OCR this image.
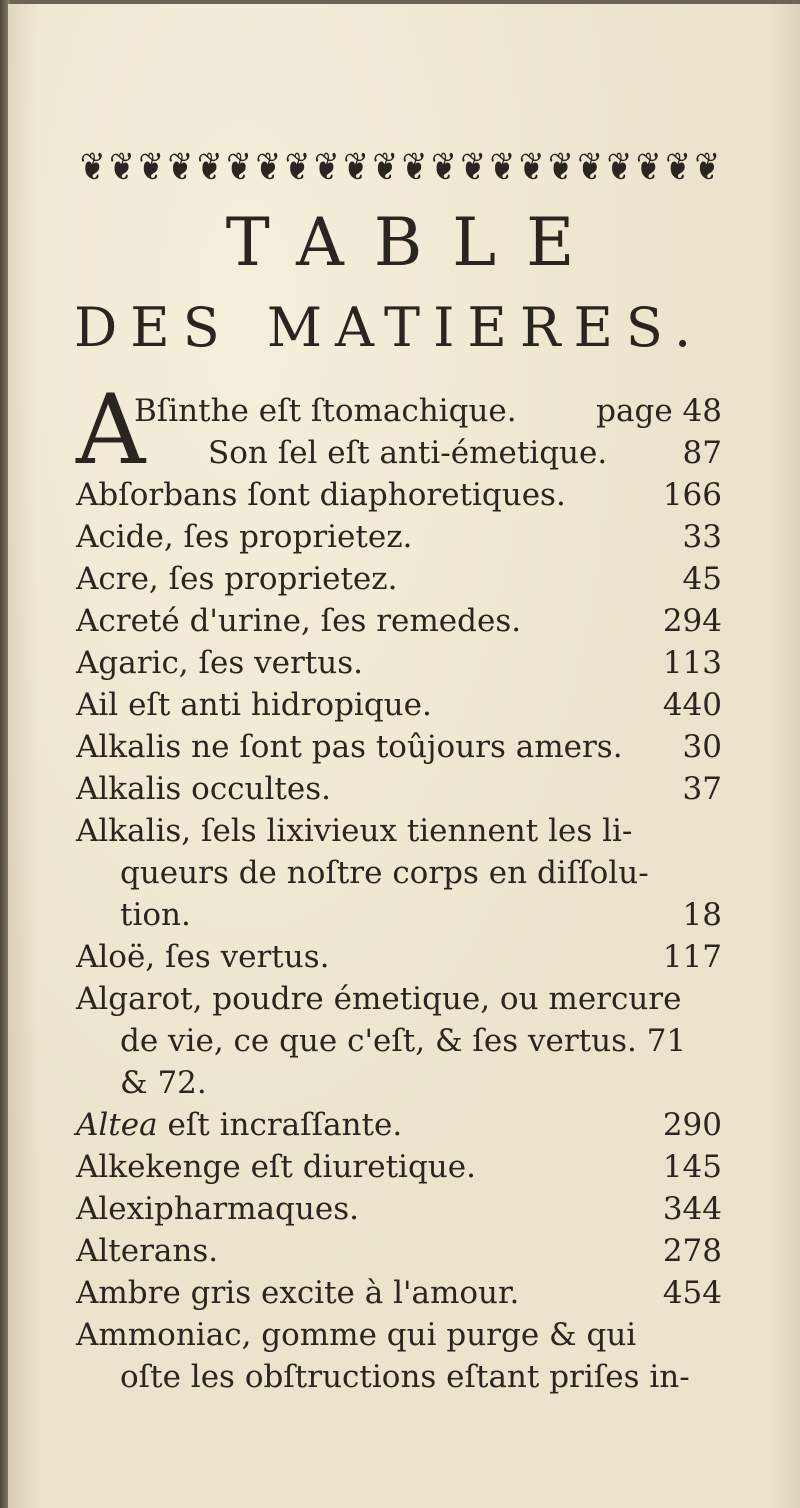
❦ ❦ ❦ ❦ ❦ ❦ ❦ ❦ ❦ ❦ ❦ ❦ ❦ ❦ ❦ ❦ ❦ ❦ ❦ ❦ ❦ ❦
TABLE
DES MATIERES.
A
Bſinthe eſt ſtomachique.	page 48
Son ſel eſt anti-émetique.	87
Abſorbans ſont diaphoretiques.	166
Acide, ſes proprietez.	33
Acre, ſes proprietez.	45
Acreté d'urine, ſes remedes.	294
Agaric, ſes vertus.	113
Ail eſt anti hidropique.	440
Alkalis ne ſont pas toûjours amers.	30
Alkalis occultes.	37
Alkalis, ſels lixivieux tiennent les li-
queurs de noſtre corps en diſſolu-
tion.	18
Aloë, ſes vertus.	117
Algarot, poudre émetique, ou mercure
de vie, ce que c'eſt, & ſes vertus. 71
& 72.
Altea eſt incraſſante.	290
Alkekenge eſt diuretique.	145
Alexipharmaques.	344
Alterans.	278
Ambre gris excite à l'amour.	454
Ammoniac, gomme qui purge & qui
oſte les obſtructions eſtant priſes in-
